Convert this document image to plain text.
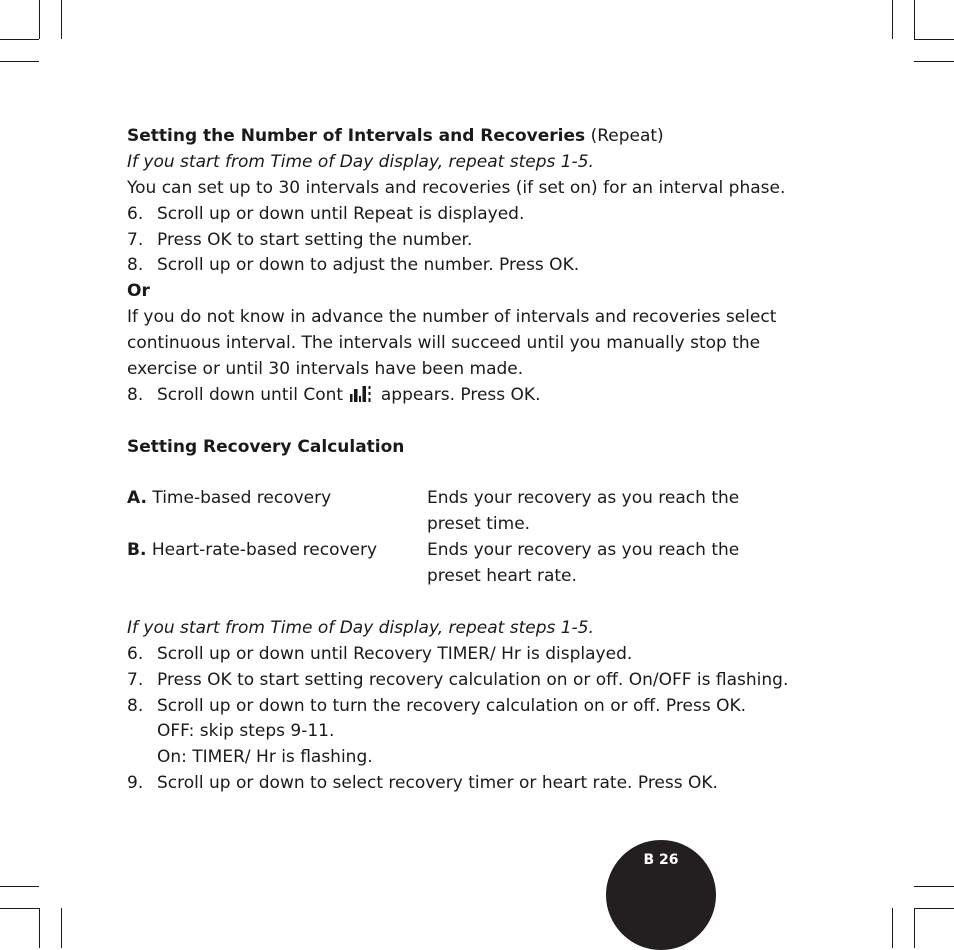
Setting the Number of Intervals and Recoveries (Repeat)
If you start from Time of Day display, repeat steps 1-5.
You can set up to 30 intervals and recoveries (if set on) for an interval phase.
6. Scroll up or down until Repeat is displayed.
7. Press OK to start setting the number.
8. Scroll up or down to adjust the number. Press OK.
Or
If you do not know in advance the number of intervals and recoveries select
continuous interval. The intervals will succeed until you manually stop the
exercise or until 30 intervals have been made.
8. Scroll down until Cont appears. Press OK.
Setting Recovery Calculation
A. Time-based recovery	Ends your recovery as you reach the
preset time.
B. Heart-rate-based recovery	Ends your recovery as you reach the
preset heart rate.
If you start from Time of Day display, repeat steps 1-5.
6. Scroll up or down until Recovery TIMER/ Hr is displayed.
7. Press OK to start setting recovery calculation on or off. On/OFF is flashing.
8. Scroll up or down to turn the recovery calculation on or off. Press OK.
OFF: skip steps 9-11.
On: TIMER/ Hr is flashing.
9. Scroll up or down to select recovery timer or heart rate. Press OK.
B 26
